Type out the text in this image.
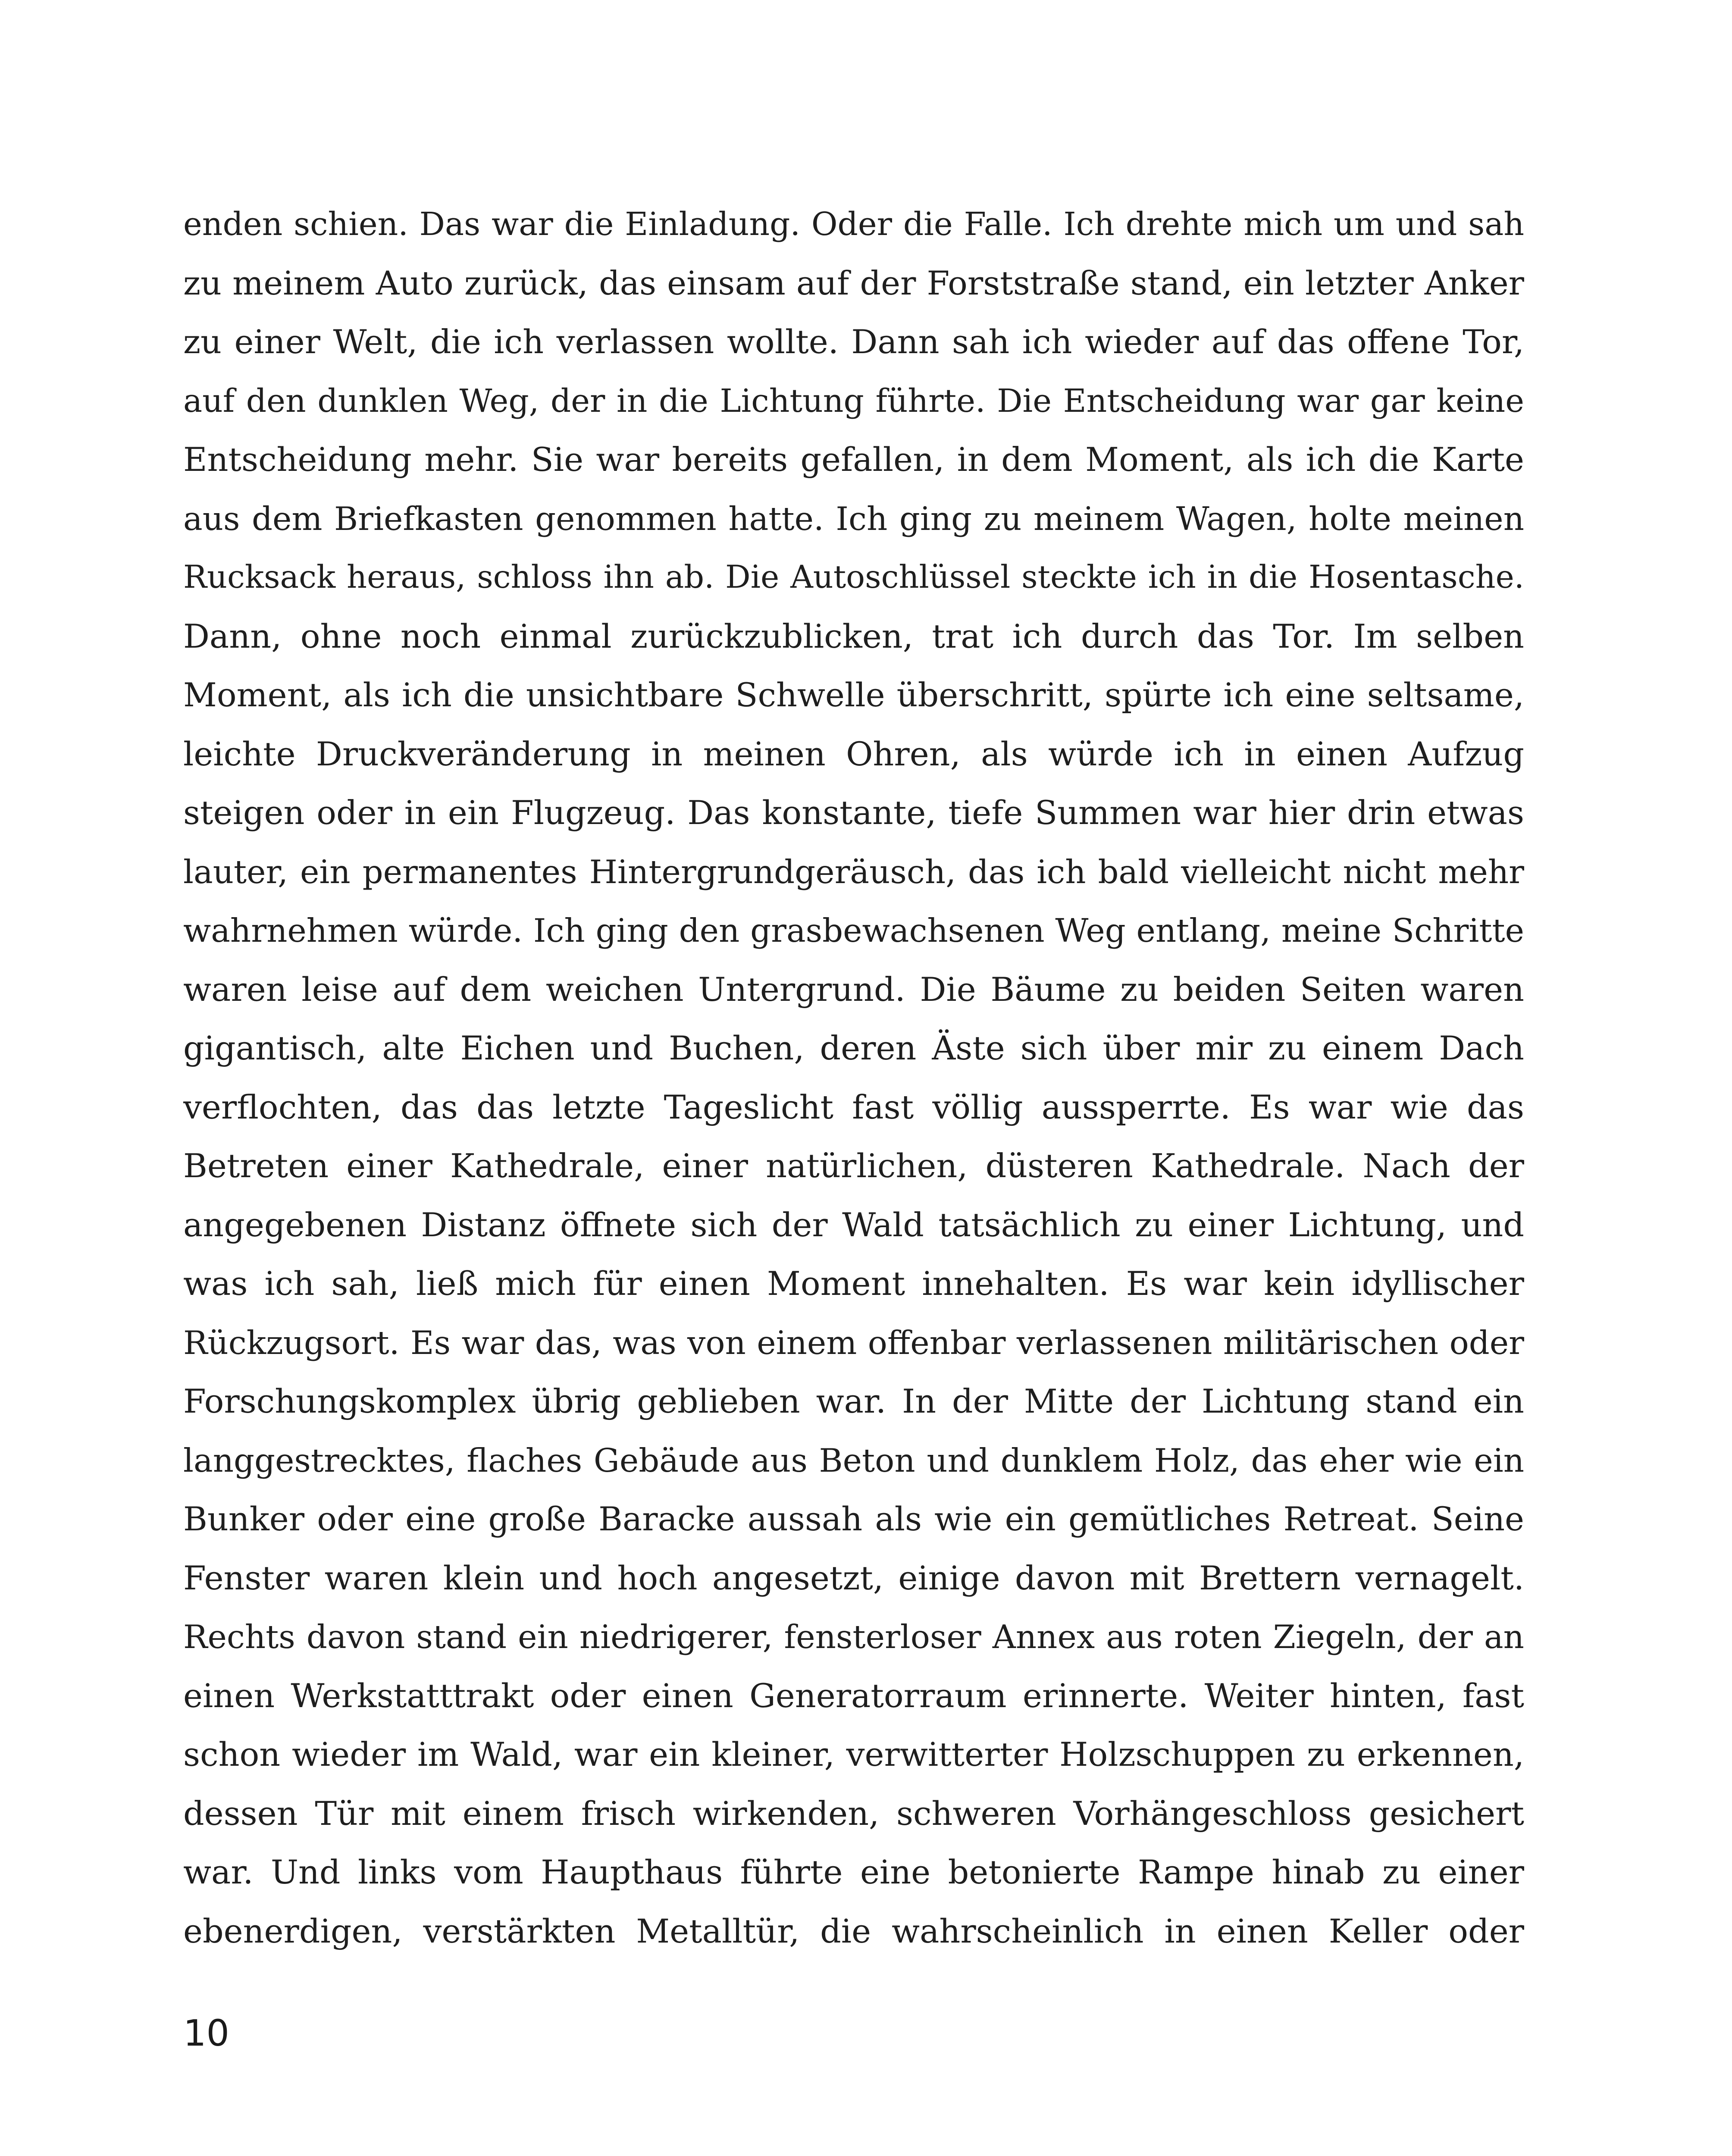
enden schien. Das war die Einladung. Oder die Falle. Ich drehte mich um und sah
zu meinem Auto zurück, das einsam auf der Forststraße stand, ein letzter Anker
zu einer Welt, die ich verlassen wollte. Dann sah ich wieder auf das offene Tor,
auf den dunklen Weg, der in die Lichtung führte. Die Entscheidung war gar keine
Entscheidung mehr. Sie war bereits gefallen, in dem Moment, als ich die Karte
aus dem Briefkasten genommen hatte. Ich ging zu meinem Wagen, holte meinen
Rucksack heraus, schloss ihn ab. Die Autoschlüssel steckte ich in die Hosentasche.
Dann, ohne noch einmal zurückzublicken, trat ich durch das Tor. Im selben
Moment, als ich die unsichtbare Schwelle überschritt, spürte ich eine seltsame,
leichte Druckveränderung in meinen Ohren, als würde ich in einen Aufzug
steigen oder in ein Flugzeug. Das konstante, tiefe Summen war hier drin etwas
lauter, ein permanentes Hintergrundgeräusch, das ich bald vielleicht nicht mehr
wahrnehmen würde. Ich ging den grasbewachsenen Weg entlang, meine Schritte
waren leise auf dem weichen Untergrund. Die Bäume zu beiden Seiten waren
gigantisch, alte Eichen und Buchen, deren Äste sich über mir zu einem Dach
verflochten, das das letzte Tageslicht fast völlig aussperrte. Es war wie das
Betreten einer Kathedrale, einer natürlichen, düsteren Kathedrale. Nach der
angegebenen Distanz öffnete sich der Wald tatsächlich zu einer Lichtung, und
was ich sah, ließ mich für einen Moment innehalten. Es war kein idyllischer
Rückzugsort. Es war das, was von einem offenbar verlassenen militärischen oder
Forschungskomplex übrig geblieben war. In der Mitte der Lichtung stand ein
langgestrecktes, flaches Gebäude aus Beton und dunklem Holz, das eher wie ein
Bunker oder eine große Baracke aussah als wie ein gemütliches Retreat. Seine
Fenster waren klein und hoch angesetzt, einige davon mit Brettern vernagelt.
Rechts davon stand ein niedrigerer, fensterloser Annex aus roten Ziegeln, der an
einen Werkstatttrakt oder einen Generatorraum erinnerte. Weiter hinten, fast
schon wieder im Wald, war ein kleiner, verwitterter Holzschuppen zu erkennen,
dessen Tür mit einem frisch wirkenden, schweren Vorhängeschloss gesichert
war. Und links vom Haupthaus führte eine betonierte Rampe hinab zu einer
ebenerdigen, verstärkten Metalltür, die wahrscheinlich in einen Keller oder
10
